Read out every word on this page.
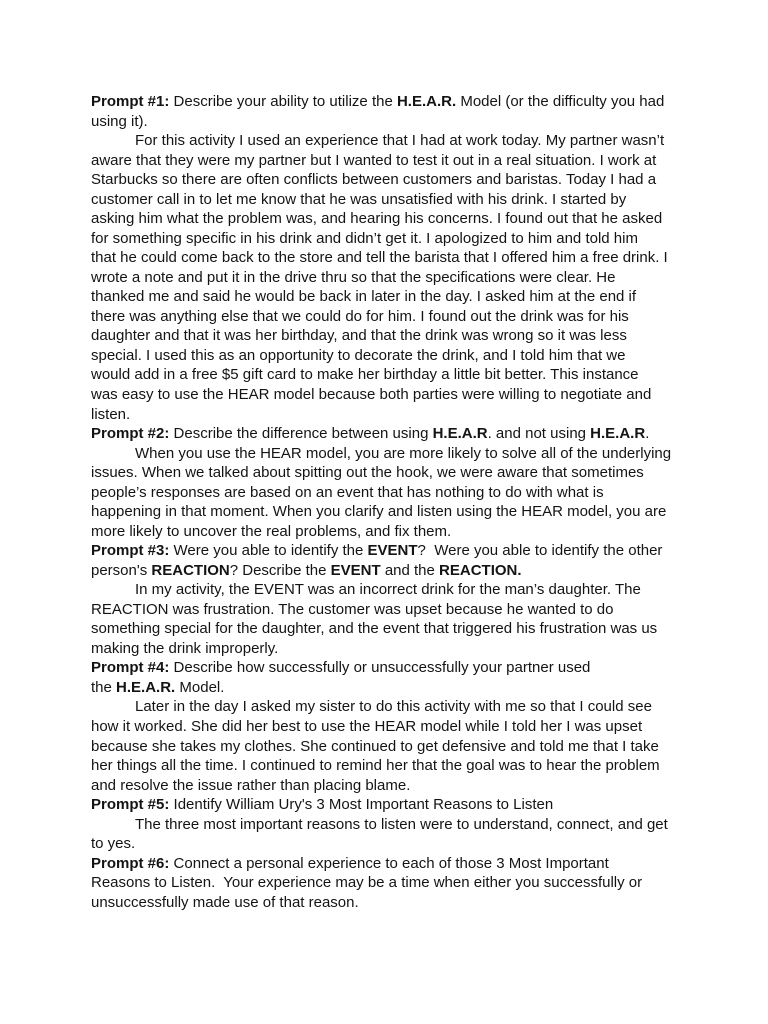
Prompt #1: Describe your ability to utilize the H.E.A.R. Model (or the difficulty you had
using it).
For this activity I used an experience that I had at work today. My partner wasn’t
aware that they were my partner but I wanted to test it out in a real situation. I work at
Starbucks so there are often conflicts between customers and baristas. Today I had a
customer call in to let me know that he was unsatisfied with his drink. I started by
asking him what the problem was, and hearing his concerns. I found out that he asked
for something specific in his drink and didn’t get it. I apologized to him and told him
that he could come back to the store and tell the barista that I offered him a free drink. I
wrote a note and put it in the drive thru so that the specifications were clear. He
thanked me and said he would be back in later in the day. I asked him at the end if
there was anything else that we could do for him. I found out the drink was for his
daughter and that it was her birthday, and that the drink was wrong so it was less
special. I used this as an opportunity to decorate the drink, and I told him that we
would add in a free $5 gift card to make her birthday a little bit better. This instance
was easy to use the HEAR model because both parties were willing to negotiate and
listen.
Prompt #2: Describe the difference between using H.E.A.R. and not using H.E.A.R.
When you use the HEAR model, you are more likely to solve all of the underlying
issues. When we talked about spitting out the hook, we were aware that sometimes
people’s responses are based on an event that has nothing to do with what is
happening in that moment. When you clarify and listen using the HEAR model, you are
more likely to uncover the real problems, and fix them.
Prompt #3: Were you able to identify the EVENT?  Were you able to identify the other
person's REACTION? Describe the EVENT and the REACTION.
In my activity, the EVENT was an incorrect drink for the man’s daughter. The
REACTION was frustration. The customer was upset because he wanted to do
something special for the daughter, and the event that triggered his frustration was us
making the drink improperly.
Prompt #4: Describe how successfully or unsuccessfully your partner used
the H.E.A.R. Model.
Later in the day I asked my sister to do this activity with me so that I could see
how it worked. She did her best to use the HEAR model while I told her I was upset
because she takes my clothes. She continued to get defensive and told me that I take
her things all the time. I continued to remind her that the goal was to hear the problem
and resolve the issue rather than placing blame.
Prompt #5: Identify William Ury's 3 Most Important Reasons to Listen
The three most important reasons to listen were to understand, connect, and get
to yes.
Prompt #6: Connect a personal experience to each of those 3 Most Important
Reasons to Listen.  Your experience may be a time when either you successfully or
unsuccessfully made use of that reason.
